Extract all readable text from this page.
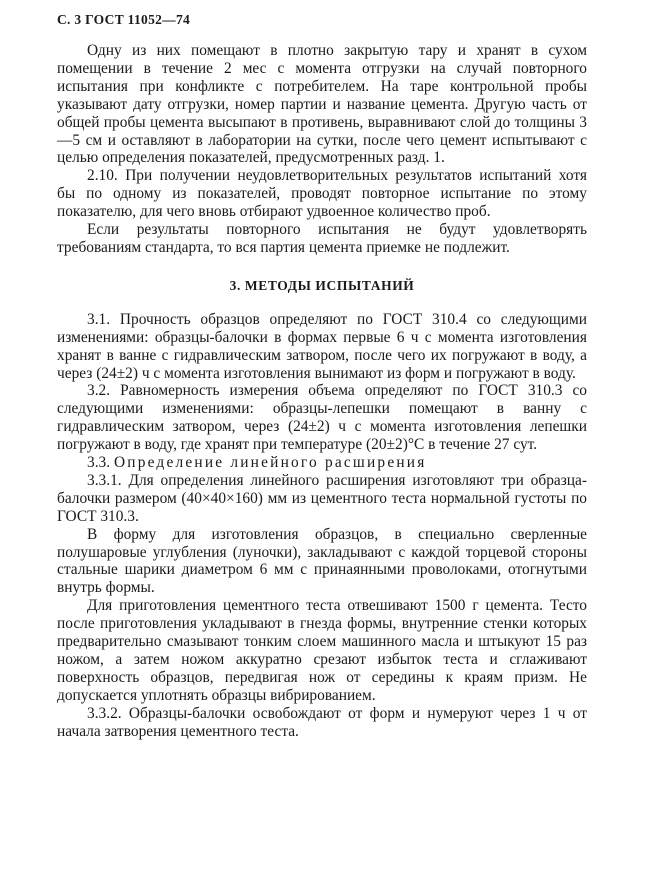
С. 3 ГОСТ 11052—74

Одну из них помещают в плотно закрытую тару и хранят в сухом помещении в течение 2 мес с момента отгрузки на случай повторного испытания при конфликте с потребителем. На таре контрольной пробы указывают дату отгрузки, номер партии и название цемента. Другую часть от общей пробы цемента высыпают в противень, выравнивают слой до толщины 3—5 см и оставляют в лаборатории на сутки, после чего цемент испытывают с целью определения показателей, предусмотренных разд. 1.

2.10. При получении неудовлетворительных результатов испытаний хотя бы по одному из показателей, проводят повторное испытание по этому показателю, для чего вновь отбирают удвоенное количество проб.

Если результаты повторного испытания не будут удовлетворять требованиям стандарта, то вся партия цемента приемке не подлежит.

3. МЕТОДЫ ИСПЫТАНИЙ

3.1. Прочность образцов определяют по ГОСТ 310.4 со следующими изменениями: образцы-балочки в формах первые 6 ч с момента изготовления хранят в ванне с гидравлическим затвором, после чего их погружают в воду, а через (24±2) ч с момента изготовления вынимают из форм и погружают в воду.

3.2. Равномерность измерения объема определяют по ГОСТ 310.3 со следующими изменениями: образцы-лепешки помещают в ванну с гидравлическим затвором, через (24±2) ч с момента изготовления лепешки погружают в воду, где хранят при температуре (20±2)°С в течение 27 сут.

3.3. Определение линейного расширения

3.3.1. Для определения линейного расширения изготовляют три образца-балочки размером (40×40×160) мм из цементного теста нормальной густоты по ГОСТ 310.3.

В форму для изготовления образцов, в специально сверленные полушаровые углубления (луночки), закладывают с каждой торцевой стороны стальные шарики диаметром 6 мм с принаянными проволоками, отогнутыми внутрь формы.

Для приготовления цементного теста отвешивают 1500 г цемента. Тесто после приготовления укладывают в гнезда формы, внутренние стенки которых предварительно смазывают тонким слоем машинного масла и штыкуют 15 раз ножом, а затем ножом аккуратно срезают избыток теста и сглаживают поверхность образцов, передвигая нож от середины к краям призм. Не допускается уплотнять образцы вибрированием.

3.3.2. Образцы-балочки освобождают от форм и нумеруют через 1 ч от начала затворения цементного теста.
